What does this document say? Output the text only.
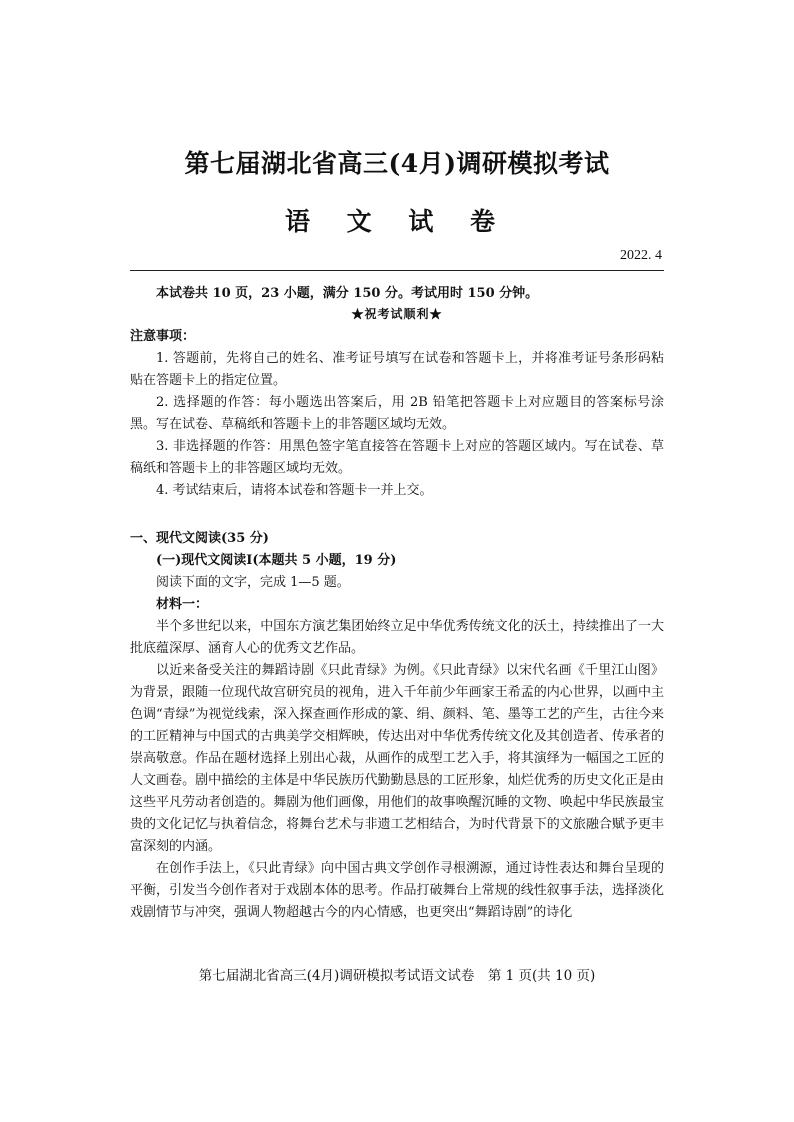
第七届湖北省高三(4月)调研模拟考试
语 文 试 卷
2022. 4

本试卷共 10 页，23 小题，满分 150 分。考试用时 150 分钟。

★祝考试顺利★

注意事项：

1. 答题前，先将自己的姓名、准考证号填写在试卷和答题卡上，并将准考证号条形码粘贴在答题卡上的指定位置。

2. 选择题的作答：每小题选出答案后，用 2B 铅笔把答题卡上对应题目的答案标号涂黑。写在试卷、草稿纸和答题卡上的非答题区域均无效。

3. 非选择题的作答：用黑色签字笔直接答在答题卡上对应的答题区域内。写在试卷、草稿纸和答题卡上的非答题区域均无效。

4. 考试结束后，请将本试卷和答题卡一并上交。

一、现代文阅读(35 分)

(一)现代文阅读Ⅰ(本题共 5 小题，19 分)

阅读下面的文字，完成 1—5 题。

材料一：

半个多世纪以来，中国东方演艺集团始终立足中华优秀传统文化的沃土，持续推出了一大批底蕴深厚、涵育人心的优秀文艺作品。

以近来备受关注的舞蹈诗剧《只此青绿》为例。《只此青绿》以宋代名画《千里江山图》为背景，跟随一位现代故宫研究员的视角，进入千年前少年画家王希孟的内心世界，以画中主色调“青绿”为视觉线索，深入探查画作形成的篆、绢、颜料、笔、墨等工艺的产生，古往今来的工匠精神与中国式的古典美学交相辉映，传达出对中华优秀传统文化及其创造者、传承者的崇高敬意。作品在题材选择上别出心裁，从画作的成型工艺入手，将其演绎为一幅国之工匠的人文画卷。剧中描绘的主体是中华民族历代勤勤恳恳的工匠形象，灿烂优秀的历史文化正是由这些平凡劳动者创造的。舞剧为他们画像，用他们的故事唤醒沉睡的文物、唤起中华民族最宝贵的文化记忆与执着信念，将舞台艺术与非遗工艺相结合，为时代背景下的文旅融合赋予更丰富深刻的内涵。

在创作手法上，《只此青绿》向中国古典文学创作寻根溯源，通过诗性表达和舞台呈现的平衡，引发当今创作者对于戏剧本体的思考。作品打破舞台上常规的线性叙事手法，选择淡化戏剧情节与冲突，强调人物超越古今的内心情感，也更突出“舞蹈诗剧”的诗化

第七届湖北省高三(4月)调研模拟考试语文试卷　第 1 页(共 10 页)
